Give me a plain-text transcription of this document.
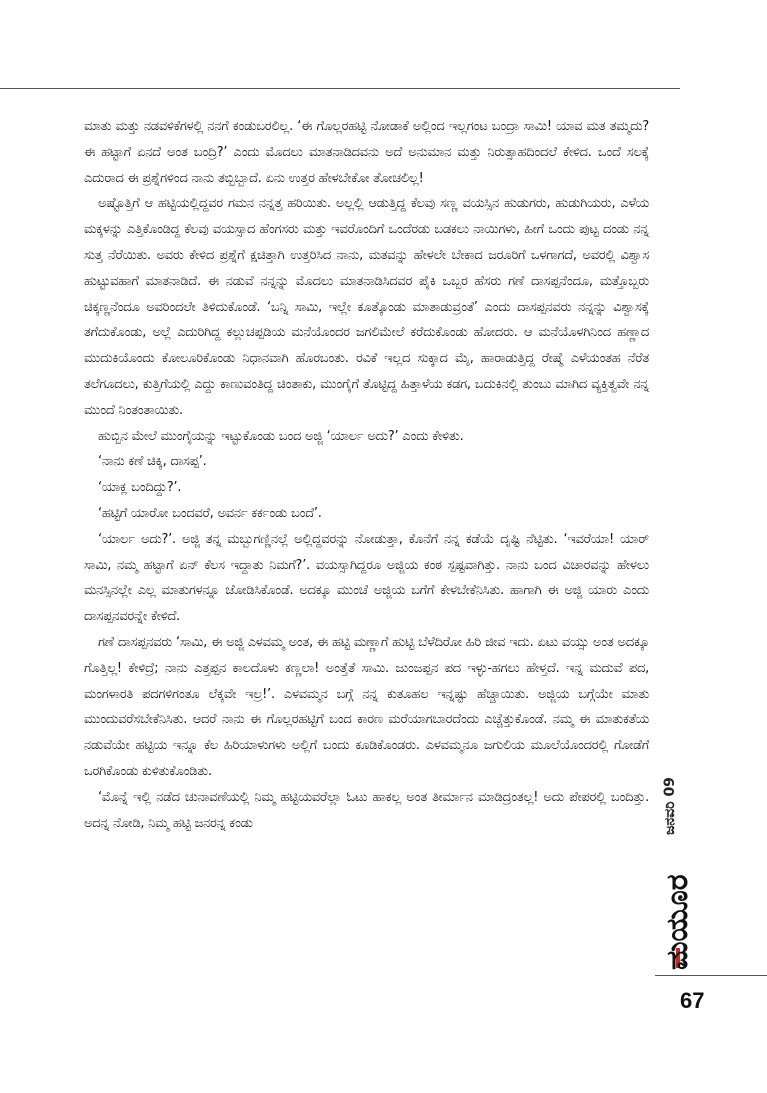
ಮಾತು ಮತ್ತು ನಡವಳಿಕೆಗಳಲ್ಲಿ ನನಗೆ ಕಂಡುಬರಲಿಲ್ಲ. ‘ಈ ಗೊಲ್ಲರಹಟ್ಟಿ ನೋಡಾಕೆ ಅಲ್ಲಿಂದ ಇಲ್ಲಗಂಟ ಬಂದ್ರಾ ಸಾಮಿ! ಯಾವ ಮತ ತಮ್ಮದು? ಈ ಹಟ್ಟಾಗೆ ಏನದೆ ಅಂತ ಬಂದ್ರಿ?’ ಎಂದು ಮೊದಲು ಮಾತನಾಡಿದವನು ಅದೆ ಅನುಮಾನ ಮತ್ತು ನಿರುತ್ಸಾಹದಿಂದಲೆ ಕೇಳಿದ. ಒಂದೆ ಸಲಕ್ಕೆ ಎದುರಾದ ಈ ಪ್ರಶ್ನೆಗಳಿಂದ ನಾನು ತಬ್ಬಿಬ್ಬಾದೆ. ಏನು ಉತ್ತರ ಹೇಳಬೇಕೋ ತೋಚಲಿಲ್ಲ!

ಅಷ್ಟೊತ್ತಿಗೆ ಆ ಹಟ್ಟಿಯಲ್ಲಿದ್ದವರ ಗಮನ ನನ್ನತ್ತ ಹರಿಯಿತು. ಅಲ್ಲಲ್ಲಿ ಆಡುತ್ತಿದ್ದ ಕೆಲವು ಸಣ್ಣ ವಯಸ್ಸಿನ ಹುಡುಗರು, ಹುಡುಗಿಯರು, ಎಳೆಯ ಮಕ್ಕಳನ್ನು ಎತ್ತಿಕೊಂಡಿದ್ದ ಕೆಲವು ವಯಸ್ಸಾದ ಹೆಂಗಸರು ಮತ್ತು ಇವರೊಂದಿಗೆ ಒಂದೆರಡು ಬಡಕಲು ನಾಯಿಗಳು, ಹೀಗೆ ಒಂದು ಪುಟ್ಟ ದಂಡು ನನ್ನ ಸುತ್ತ ನೆರೆಯಿತು. ಅವರು ಕೇಳಿದ ಪ್ರಶ್ನೆಗೆ ಕ್ಷಚಿತ್ತಾಗಿ ಉತ್ತರಿಸಿದ ನಾನು, ಮತವನ್ನು ಹೇಳಲೇ ಬೇಕಾದ ಜರೂರಿಗೆ ಒಳಗಾಗದೆ, ಅವರಲ್ಲಿ ವಿಶ್ವಾಸ ಹುಟ್ಟುವಹಾಗೆ ಮಾತನಾಡಿದೆ. ಈ ನಡುವೆ ನನ್ನನ್ನು ಮೊದಲು ಮಾತನಾಡಿಸಿದವರ ಪೈಕಿ ಒಬ್ಬರ ಹೆಸರು ಗಣೆ ದಾಸಪ್ಪನೆಂದೂ, ಮತ್ತೊಬ್ಬರು ಚಿಕ್ಕಣ್ಣನೆಂದೂ ಅವರಿಂದಲೇ ತಿಳಿದುಕೊಂಡೆ. ‘ಬನ್ನಿ ಸಾಮಿ, ಇಲ್ಲೇ ಕೂತ್ಕೊಂಡು ಮಾತಾಡುವ್ರಂತೆ’ ಎಂದು ದಾಸಪ್ಪನವರು ನನ್ನನ್ನು ವಿಶ್ವಾಸಕ್ಕೆ ತಗೆದುಕೊಂಡು, ಅಲ್ಲೆ ಎದುರಿಗಿದ್ದ ಕಲ್ಲುಚಪ್ಪಡಿಯ ಮನೆಯೊಂದರ ಜಗಲಿಮೇಲೆ ಕರೆದುಕೊಂಡು ಹೋದರು. ಆ ಮನೆಯೊಳಗಿನಿಂದ ಹಣ್ಣಾದ ಮುದುಕಿಯೊಂದು ಕೋಲೂರಿಕೊಂಡು ನಿಧಾನವಾಗಿ ಹೊರಬಂತು. ರವಿಕೆ ಇಲ್ಲದ ಸುಕ್ಕಾದ ಮೈ, ಹಾರಾಡುತ್ತಿದ್ದ ರೇಷ್ಮೆ ಎಳೆಯಂತಹ ನೆರೆತ ತಲೆಗೂದಲು, ಕುತ್ತಿಗೆಯಲ್ಲಿ ಎದ್ದು ಕಾಣುವಂತಿದ್ದ ಚಿಂತಾಕು, ಮುಂಗೈಗೆ ತೊಟ್ಟಿದ್ದ ಹಿತ್ತಾಳೆಯ ಕಡಗ, ಬದುಕಿನಲ್ಲಿ ತುಂಬು ಮಾಗಿದ ವ್ಯಕ್ತಿತ್ವವೇ ನನ್ನ ಮುಂದೆ ನಿಂತಂತಾಯಿತು.

ಹುಬ್ಬಿನ ಮೇಲೆ ಮುಂಗೈಯನ್ನು ಇಟ್ಟುಕೊಂಡು ಬಂದ ಅಜ್ಜಿ ‘ಯಾರ್ಲ ಅದು?’ ಎಂದು ಕೇಳಿತು.

‘ನಾನು ಕಣೆ ಚಿಕ್ಕಿ, ದಾಸಪ್ಪ’.

‘ಯಾಕ್ಲ ಬಂದಿದ್ದು?’.

‘ಹಟ್ಟಿಗೆ ಯಾರೋ ಬಂದವರೆ, ಅವರ್ನ ಕರ್ಕಂಡು ಬಂದೆ’.

‘ಯಾರ್ಲ ಅದು?’. ಅಜ್ಜಿ ತನ್ನ ಮಬ್ಬುಗಣ್ಣಿನಲ್ಲೆ ಅಲ್ಲಿದ್ದವರನ್ನು ನೋಡುತ್ತಾ, ಕೊನೆಗೆ ನನ್ನ ಕಡೆಯೆ ದೃಷ್ಟಿ ನೆಟ್ಟಿತು. ‘ಇವರೆಯಾ! ಯಾರ್ ಸಾಮಿ, ನಮ್ಮ ಹಟ್ಟಾಗೆ ಏನ್ ಕೆಲಸ ಇದ್ದಾತು ನಿಮಗೆ?’. ವಯಸ್ಸಾಗಿದ್ದರೂ ಅಜ್ಜಿಯ ಕಂಠ ಸ್ಪಷ್ಟವಾಗಿತ್ತು. ನಾನು ಬಂದ ವಿಚಾರವನ್ನು ಹೇಳಲು ಮನಸ್ಸಿನಲ್ಲೇ ಎಲ್ಲ ಮಾತುಗಳನ್ನೂ ಜೋಡಿಸಿಕೊಂಡೆ. ಅದಕ್ಕೂ ಮುಂಚೆ ಅಜ್ಜಿಯ ಬಗೆಗೆ ಕೇಳಬೇಕೆನಿಸಿತು. ಹಾಗಾಗಿ ಈ ಅಜ್ಜಿ ಯಾರು ಎಂದು ದಾಸಪ್ಪನವರನ್ನೇ ಕೇಳಿದೆ.

ಗಣೆ ದಾಸಪ್ಪನವರು ‘ಸಾಮಿ, ಈ ಅಜ್ಜಿ ಎಳವಮ್ಮ ಅಂತ, ಈ ಹಟ್ಟಿ ಮಣ್ಣಾಗೆ ಹುಟ್ಟಿ ಬೆಳೆದಿರೋ ಹಿರಿ ಜೀವ ಇದು. ಏಟು ವಯ್ಸು ಅಂತ ಅದಕ್ಕೂ ಗೊತ್ತಿಲ್ಲ! ಕೇಳಿದ್ರೆ; ನಾನು ಎತ್ತಪ್ಪನ ಕಾಲದೊಳು ಕಣ್ಣಲಾ! ಅಂತ್ತೆತೆ ಸಾಮಿ. ಜುಂಜಪ್ಪನ ಪದ ಇಳ್ಳು-ಹಗಲು ಹೇಳ್ತದೆ. ಇನ್ನ ಮದುವೆ ಪದ, ಮಂಗಳಾರತಿ ಪದಗಳಿಗಂತೂ ಲೆಕ್ಕವೇ ಇಲ್ರ!’. ಎಳವಮ್ಮನ ಬಗ್ಗೆ ನನ್ನ ಕುತೂಹಲ ಇನ್ನಷ್ಟು ಹೆಚ್ಚಾಯಿತು. ಅಜ್ಜಿಯ ಬಗ್ಗೆಯೇ ಮಾತು ಮುಂದುವರೆಸಬೇಕೆನಿಸಿತು. ಆದರೆ ನಾನು ಈ ಗೊಲ್ಲರಹಟ್ಟಿಗೆ ಬಂದ ಕಾರಣ ಮರೆಯಾಗಬಾರದೆಂದು ಎಚ್ಚೆತ್ತುಕೊಂಡೆ. ನಮ್ಮ ಈ ಮಾತುಕತೆಯ ನಡುವೆಯೇ ಹಟ್ಟಿಯ ಇನ್ನೂ ಕೆಲ ಹಿರಿಯಾಳುಗಳು ಅಲ್ಲಿಗೆ ಬಂದು ಕೂಡಿಕೊಂಡರು. ಎಳವಮ್ಮನೂ ಜಗುಲಿಯ ಮೂಲೆಯೊಂದರಲ್ಲಿ ಗೋಡೆಗೆ ಒರಗಿಕೊಂಡು ಕುಳಿತುಕೊಂಡಿತು.

‘ಮೊನ್ನೆ ಇಲ್ಲಿ ನಡೆದ ಚುನಾವಣೆಯಲ್ಲಿ ನಿಮ್ಮ ಹಟ್ಟಿಯವರೆಲ್ಲಾ ಓಟು ಹಾಕಲ್ಲ ಅಂತ ತೀರ್ಮಾನ ಮಾಡಿದ್ರಂತಲ್ಲ! ಅದು ಪೇಪರಲ್ಲಿ ಬಂದಿತ್ತು. ಅದನ್ನ ನೋಡಿ, ನಿಮ್ಮ ಹಟ್ಟಿ ಜನರನ್ನ ಕಂಡು	ಜನವರಿ 09
ಮಯೂರ
67
